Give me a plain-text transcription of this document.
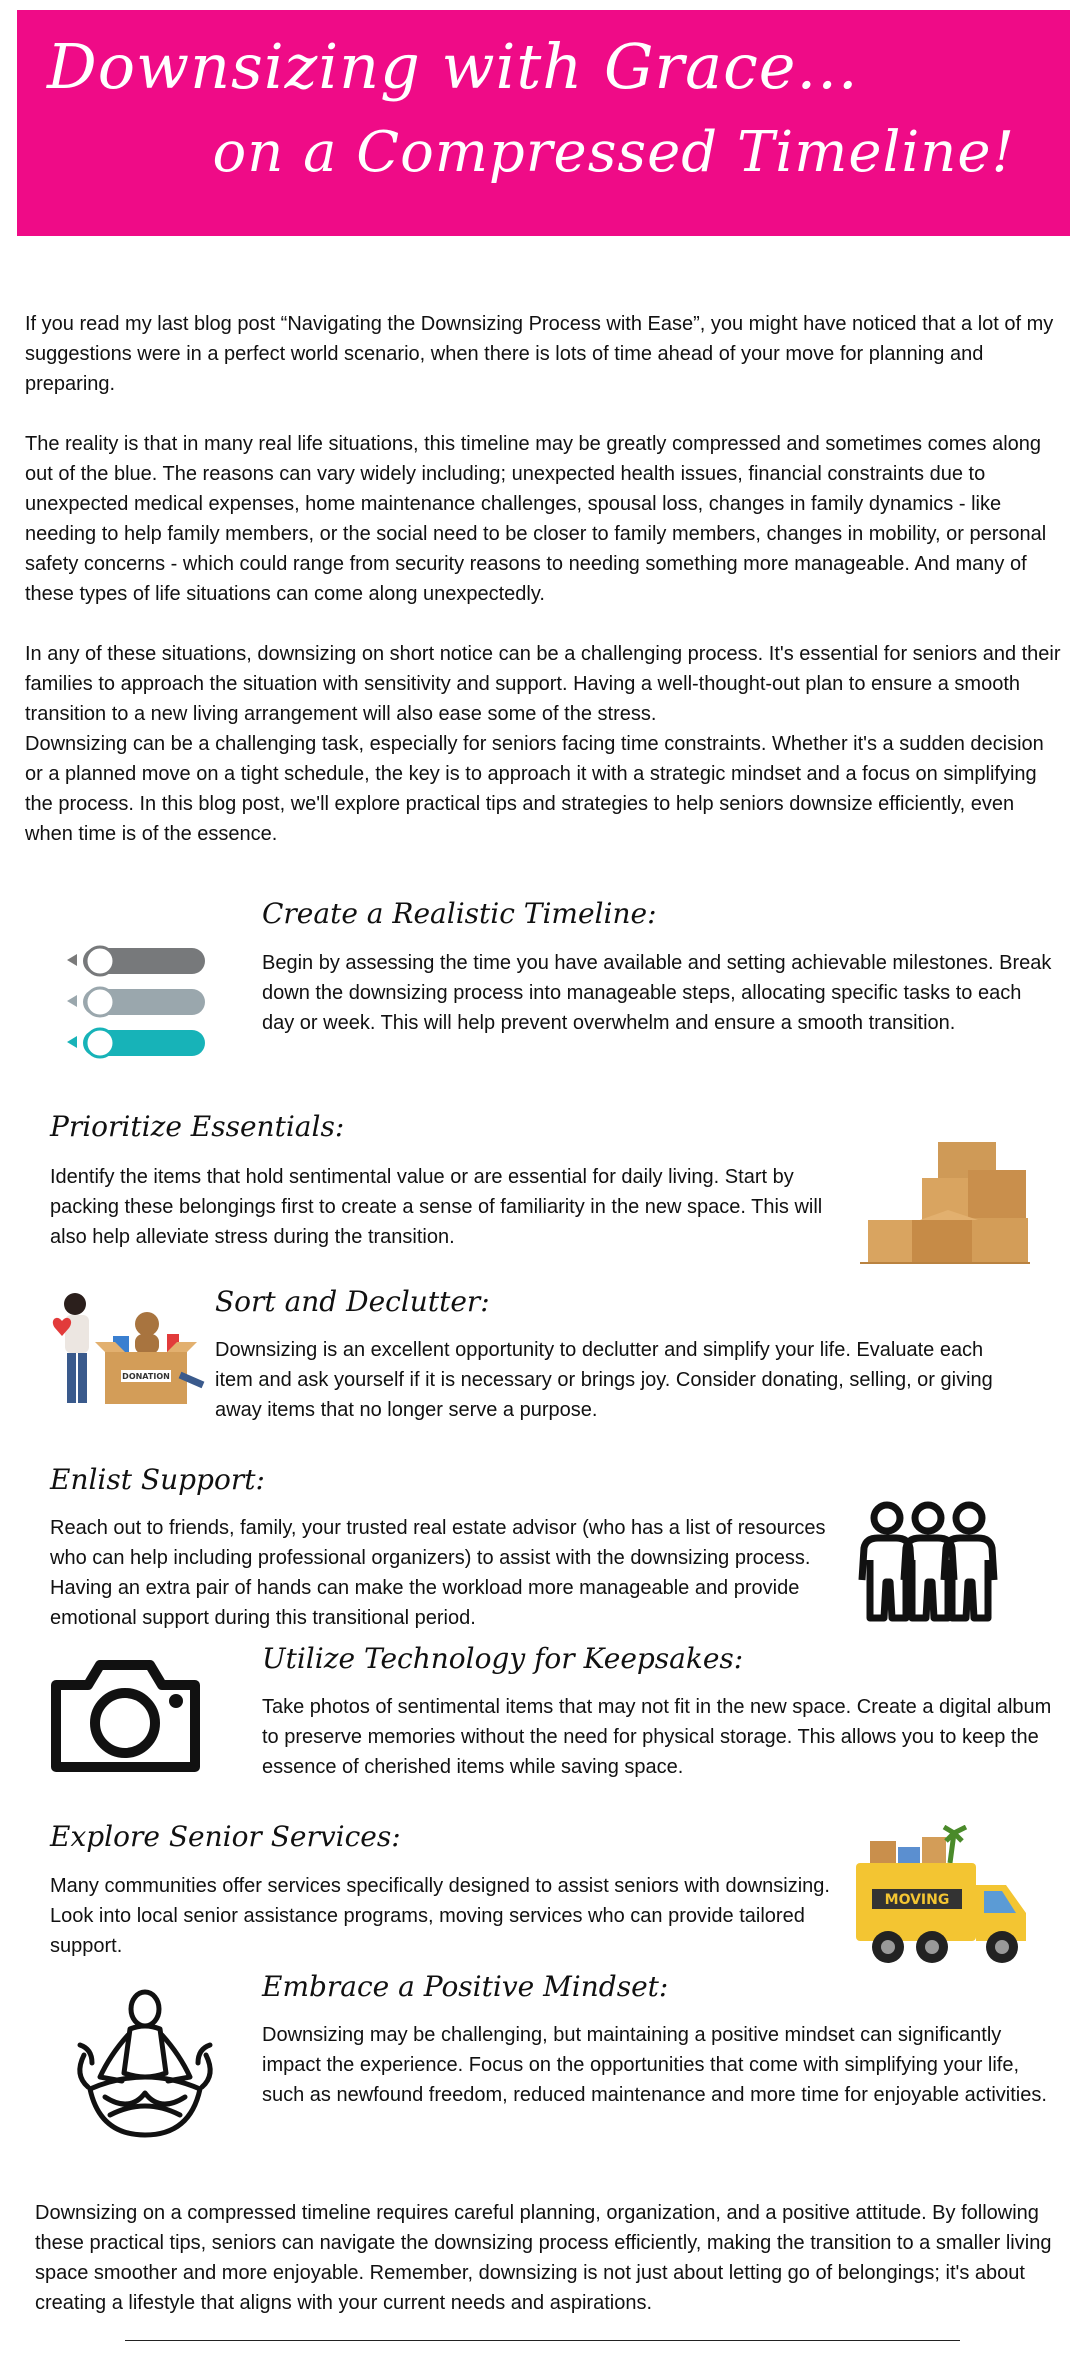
Downsizing with Grace...
on a Compressed Timeline!

If you read my last blog post “Navigating the Downsizing Process with Ease”, you might have noticed that a lot of my suggestions were in a perfect world scenario, when there is lots of time ahead of your move for planning and preparing.

The reality is that in many real life situations, this timeline may be greatly compressed and sometimes comes along out of the blue. The reasons can vary widely including; unexpected health issues, financial constraints due to unexpected medical expenses, home maintenance challenges, spousal loss, changes in family dynamics - like needing to help family members, or the social need to be closer to family members, changes in mobility, or personal safety concerns - which could range from security reasons to needing something more manageable. And many of these types of life situations can come along unexpectedly.

In any of these situations, downsizing on short notice can be a challenging process. It's essential for seniors and their families to approach the situation with sensitivity and support. Having a well-thought-out plan to ensure a smooth transition to a new living arrangement will also ease some of the stress.

Downsizing can be a challenging task, especially for seniors facing time constraints. Whether it's a sudden decision or a planned move on a tight schedule, the key is to approach it with a strategic mindset and a focus on simplifying the process. In this blog post, we'll explore practical tips and strategies to help seniors downsize efficiently, even when time is of the essence.

Create a Realistic Timeline:

Begin by assessing the time you have available and setting achievable milestones. Break down the downsizing process into manageable steps, allocating specific tasks to each day or week. This will help prevent overwhelm and ensure a smooth transition.

Prioritize Essentials:

Identify the items that hold sentimental value or are essential for daily living. Start by packing these belongings first to create a sense of familiarity in the new space. This will also help alleviate stress during the transition.

DONATION

Sort and Declutter:

Downsizing is an excellent opportunity to declutter and simplify your life. Evaluate each item and ask yourself if it is necessary or brings joy. Consider donating, selling, or giving away items that no longer serve a purpose.

Enlist Support:

Reach out to friends, family, your trusted real estate advisor (who has a list of resources who can help including professional organizers) to assist with the downsizing process. Having an extra pair of hands can make the workload more manageable and provide emotional support during this transitional period.

Utilize Technology for Keepsakes:

Take photos of sentimental items that may not fit in the new space. Create a digital album to preserve memories without the need for physical storage. This allows you to keep the essence of cherished items while saving space.

Explore Senior Services:

Many communities offer services specifically designed to assist seniors with downsizing. Look into local senior assistance programs, moving services who can provide tailored support.

MOVING

Embrace a Positive Mindset:

Downsizing may be challenging, but maintaining a positive mindset can significantly impact the experience. Focus on the opportunities that come with simplifying your life, such as newfound freedom, reduced maintenance and more time for enjoyable activities.

Downsizing on a compressed timeline requires careful planning, organization, and a positive attitude. By following these practical tips, seniors can navigate the downsizing process efficiently, making the transition to a smaller living space smoother and more enjoyable. Remember, downsizing is not just about letting go of belongings; it's about creating a lifestyle that aligns with your current needs and aspirations.
